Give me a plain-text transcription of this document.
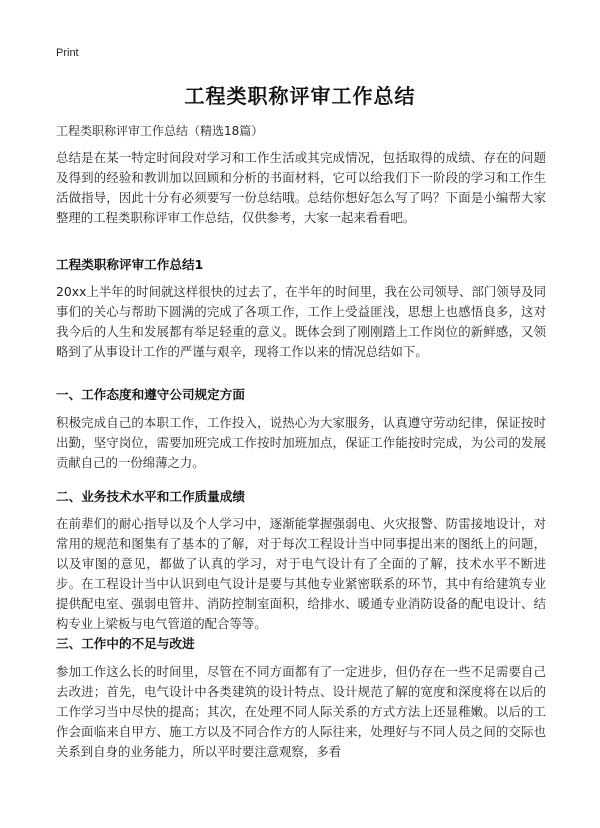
Print
工程类职称评审工作总结
工程类职称评审工作总结（精选18篇）

总结是在某一特定时间段对学习和工作生活或其完成情况，包括取得的成绩、存在的问题及得到的经验和教训加以回顾和分析的书面材料，它可以给我们下一阶段的学习和工作生活做指导，因此十分有必须要写一份总结哦。总结你想好怎么写了吗？下面是小编帮大家整理的工程类职称评审工作总结，仅供参考，大家一起来看看吧。

工程类职称评审工作总结1

20xx上半年的时间就这样很快的过去了，在半年的时间里，我在公司领导、部门领导及同事们的关心与帮助下圆满的完成了各项工作，工作上受益匪浅，思想上也感悟良多，这对我今后的人生和发展都有举足轻重的意义。既体会到了刚刚踏上工作岗位的新鲜感，又领略到了从事设计工作的严谨与艰辛，现将工作以来的情况总结如下。

一、工作态度和遵守公司规定方面

积极完成自己的本职工作，工作投入，说热心为大家服务，认真遵守劳动纪律，保证按时出勤，坚守岗位，需要加班完成工作按时加班加点，保证工作能按时完成，为公司的发展贡献自己的一份绵薄之力。

二、业务技术水平和工作质量成绩

在前辈们的耐心指导以及个人学习中，逐渐能掌握强弱电、火灾报警、防雷接地设计，对常用的规范和图集有了基本的了解，对于每次工程设计当中同事提出来的图纸上的问题，以及审图的意见，都做了认真的学习，对于电气设计有了全面的了解，技术水平不断进步。在工程设计当中认识到电气设计是要与其他专业紧密联系的环节，其中有给建筑专业提供配电室、强弱电管井、消防控制室面积，给排水、暖通专业消防设备的配电设计、结构专业上梁板与电气管道的配合等等。

三、工作中的不足与改进

参加工作这么长的时间里，尽管在不同方面都有了一定进步，但仍存在一些不足需要自己去改进；首先，电气设计中各类建筑的设计特点、设计规范了解的宽度和深度将在以后的工作学习当中尽快的提高；其次，在处理不同人际关系的方式方法上还显稚嫩。以后的工作会面临来自甲方、施工方以及不同合作方的人际往来，处理好与不同人员之间的交际也关系到自身的业务能力，所以平时要注意观察，多看
